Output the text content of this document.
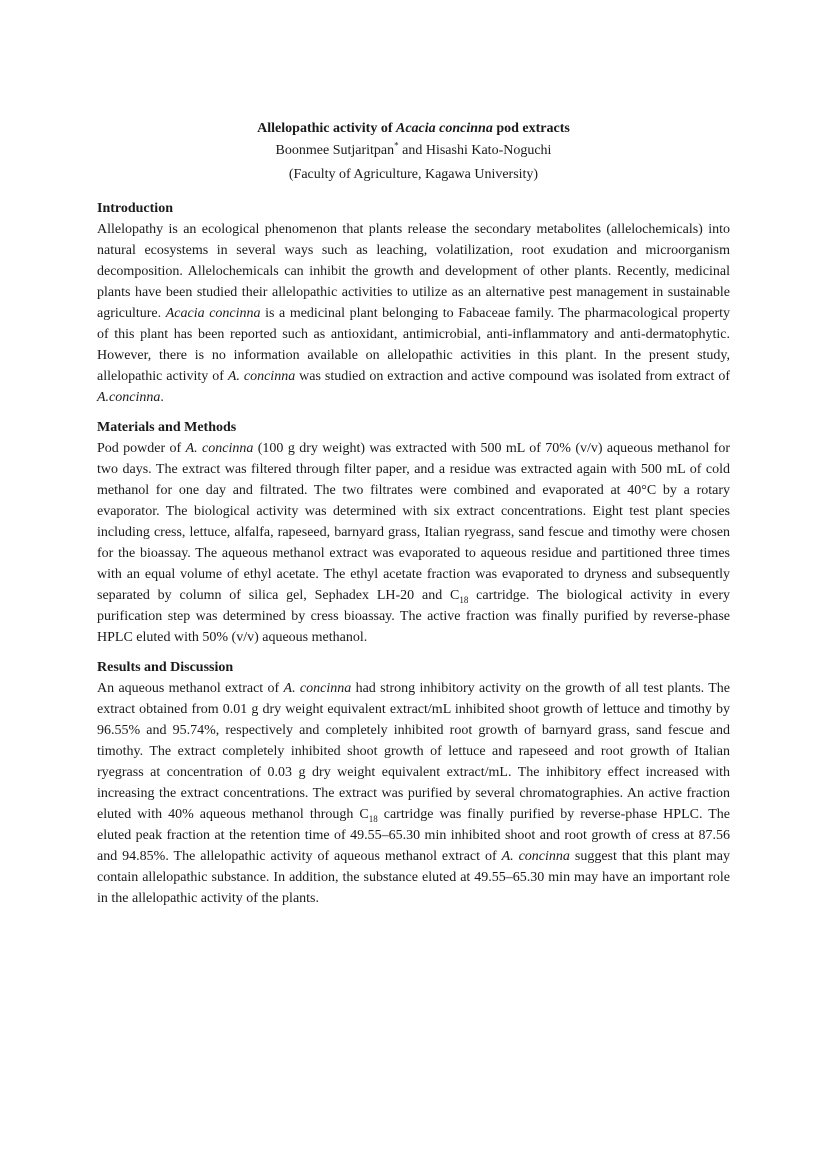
Allelopathic activity of Acacia concinna pod extracts

Boonmee Sutjaritpan* and Hisashi Kato-Noguchi

(Faculty of Agriculture, Kagawa University)

Introduction

Allelopathy is an ecological phenomenon that plants release the secondary metabolites (allelochemicals) into natural ecosystems in several ways such as leaching, volatilization, root exudation and microorganism decomposition. Allelochemicals can inhibit the growth and development of other plants. Recently, medicinal plants have been studied their allelopathic activities to utilize as an alternative pest management in sustainable agriculture. Acacia concinna is a medicinal plant belonging to Fabaceae family. The pharmacological property of this plant has been reported such as antioxidant, antimicrobial, anti-inflammatory and anti-dermatophytic. However, there is no information available on allelopathic activities in this plant. In the present study, allelopathic activity of A. concinna was studied on extraction and active compound was isolated from extract of A.concinna.

Materials and Methods

Pod powder of A. concinna (100 g dry weight) was extracted with 500 mL of 70% (v/v) aqueous methanol for two days. The extract was filtered through filter paper, and a residue was extracted again with 500 mL of cold methanol for one day and filtrated. The two filtrates were combined and evaporated at 40°C by a rotary evaporator. The biological activity was determined with six extract concentrations. Eight test plant species including cress, lettuce, alfalfa, rapeseed, barnyard grass, Italian ryegrass, sand fescue and timothy were chosen for the bioassay. The aqueous methanol extract was evaporated to aqueous residue and partitioned three times with an equal volume of ethyl acetate. The ethyl acetate fraction was evaporated to dryness and subsequently separated by column of silica gel, Sephadex LH-20 and $C_{18}$ cartridge. The biological activity in every purification step was determined by cress bioassay. The active fraction was finally purified by reverse-phase HPLC eluted with 50% (v/v) aqueous methanol.

Results and Discussion

An aqueous methanol extract of A. concinna had strong inhibitory activity on the growth of all test plants. The extract obtained from 0.01 g dry weight equivalent extract/mL inhibited shoot growth of lettuce and timothy by 96.55% and 95.74%, respectively and completely inhibited root growth of barnyard grass, sand fescue and timothy. The extract completely inhibited shoot growth of lettuce and rapeseed and root growth of Italian ryegrass at concentration of 0.03 g dry weight equivalent extract/mL. The inhibitory effect increased with increasing the extract concentrations. The extract was purified by several chromatographies. An active fraction eluted with 40% aqueous methanol through $C_{18}$ cartridge was finally purified by reverse-phase HPLC. The eluted peak fraction at the retention time of 49.55–65.30 min inhibited shoot and root growth of cress at 87.56 and 94.85%. The allelopathic activity of aqueous methanol extract of A. concinna suggest that this plant may contain allelopathic substance. In addition, the substance eluted at 49.55–65.30 min may have an important role in the allelopathic activity of the plants.
